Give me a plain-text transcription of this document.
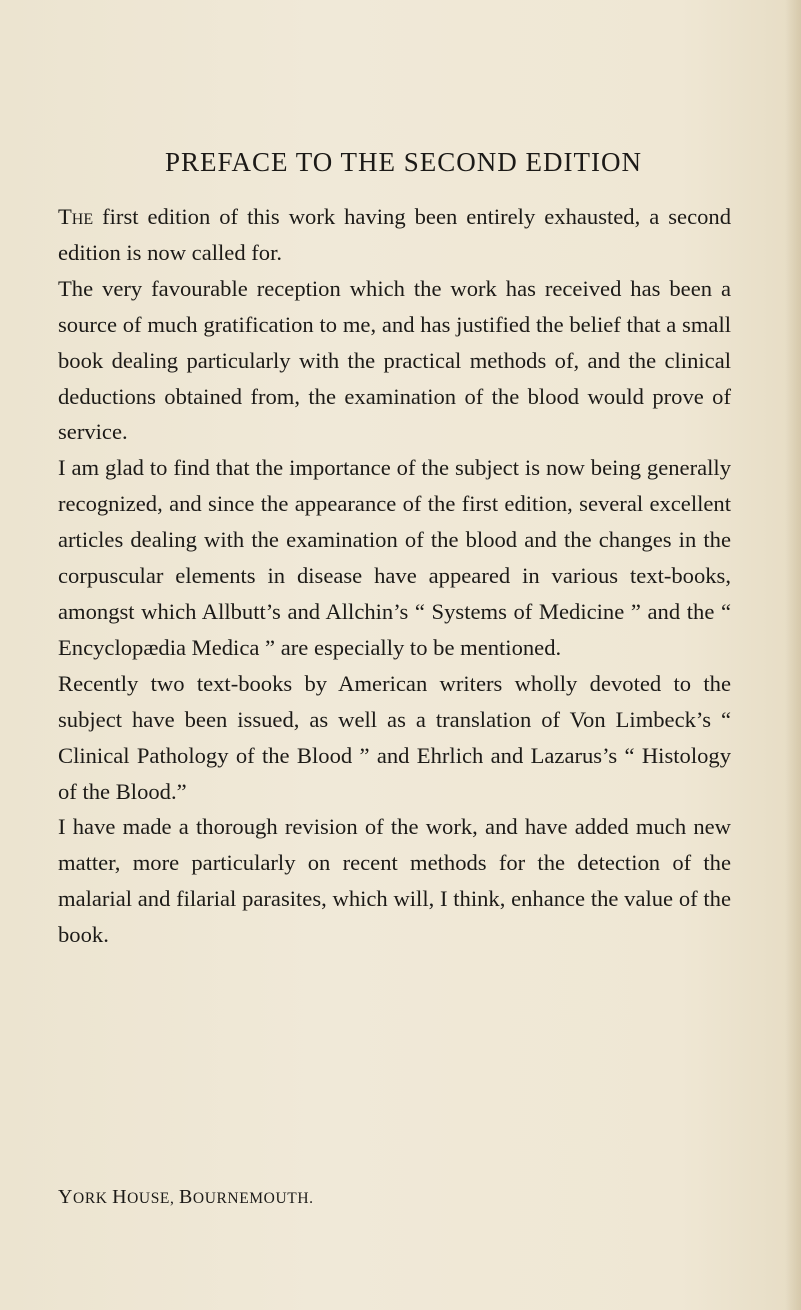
PREFACE TO THE SECOND EDITION

The first edition of this work having been entirely exhausted, a second edition is now called for.

The very favourable reception which the work has received has been a source of much gratification to me, and has justified the belief that a small book dealing particularly with the practical methods of, and the clinical deductions obtained from, the examination of the blood would prove of service.

I am glad to find that the importance of the subject is now being generally recognized, and since the appearance of the first edition, several excellent articles dealing with the examination of the blood and the changes in the corpuscular elements in disease have appeared in various text-books, amongst which Allbutt’s and Allchin’s “ Systems of Medicine ” and the “ Encyclopædia Medica ” are especially to be mentioned.

Recently two text-books by American writers wholly devoted to the subject have been issued, as well as a translation of Von Limbeck’s “ Clinical Pathology of the Blood ” and Ehrlich and Lazarus’s “ Histology of the Blood.”

I have made a thorough revision of the work, and have added much new matter, more particularly on recent methods for the detection of the malarial and filarial parasites, which will, I think, enhance the value of the book.

YORK HOUSE, BOURNEMOUTH.
